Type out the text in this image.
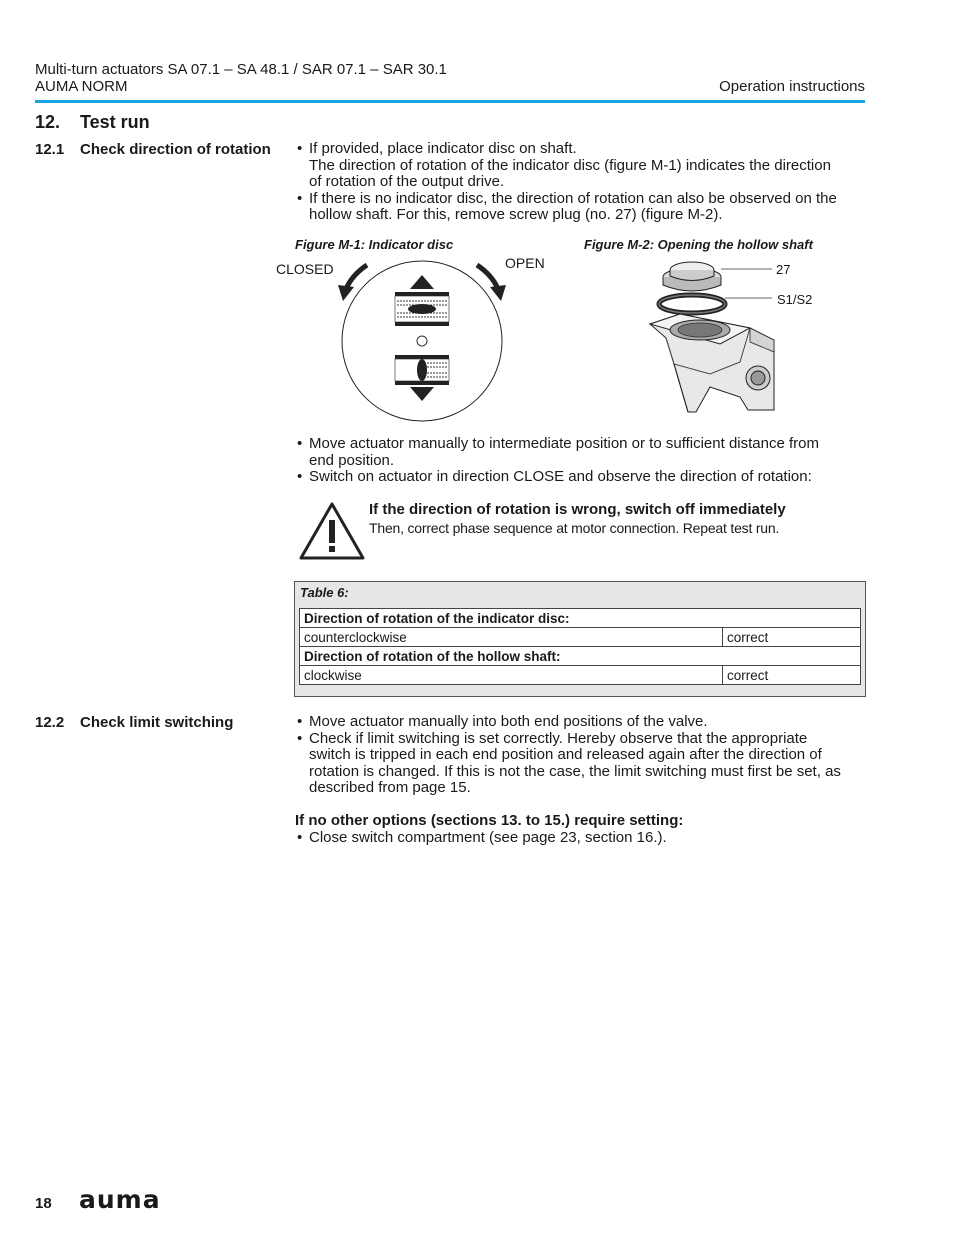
Multi-turn actuators SA 07.1 – SA 48.1 / SAR 07.1 – SAR 30.1
AUMA NORM	Operation instructions
12. Test run
12.1 Check direction of rotation	• If provided, place indicator disc on shaft.
The direction of rotation of the indicator disc (figure M-1) indicates the direction
of rotation of the output drive.
• If there is no indicator disc, the direction of rotation can also be observed on the
hollow shaft. For this, remove screw plug (no. 27) (figure M-2).
Figure M-1: Indicator disc	Figure M-2: Opening the hollow shaft
CLOSED	OPEN	27
S1/S2
• Move actuator manually to intermediate position or to sufficient distance from
end position.
• Switch on actuator in direction CLOSE and observe the direction of rotation:
If the direction of rotation is wrong, switch off immediately
Then, correct phase sequence at motor connection. Repeat test run.
Table 6:
Direction of rotation of the indicator disc:	
counterclockwise	correct
Direction of rotation of the hollow shaft:	
clockwise	correct
12.2 Check limit switching	• Move actuator manually into both end positions of the valve.
• Check if limit switching is set correctly. Hereby observe that the appropriate
switch is tripped in each end position and released again after the direction of
rotation is changed. If this is not the case, the limit switching must first be set, as
described from page 15.
If no other options (sections 13. to 15.) require setting:
• Close switch compartment (see page 23, section 16.).
18 auma
